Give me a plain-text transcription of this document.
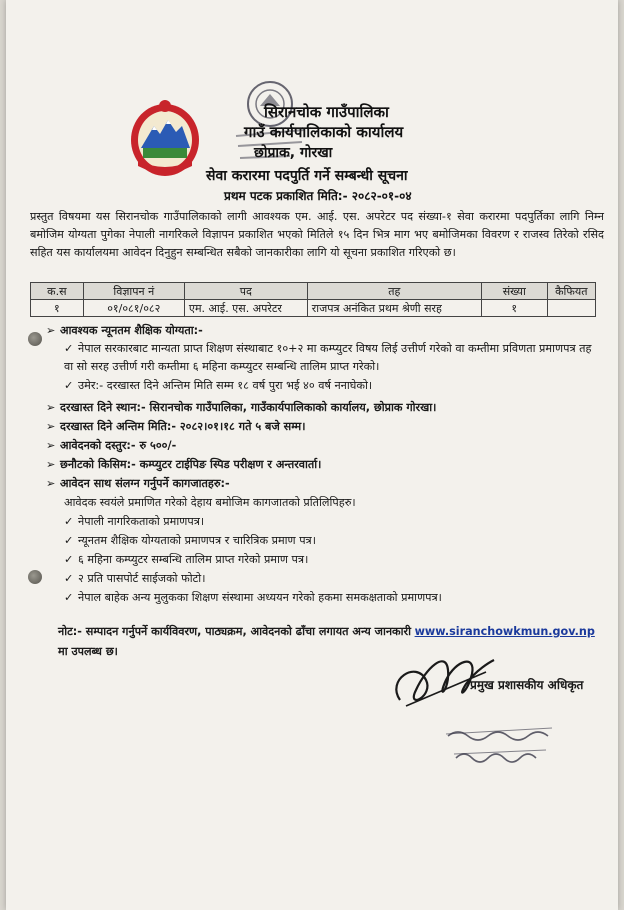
सिरानचोक गाउँपालिका
गाउँ कार्यपालिकाको कार्यालय
छोप्राक, गोरखा
सेवा करारमा पदपुर्ति गर्ने सम्बन्धी सूचना
प्रथम पटक प्रकाशित मिति:- २०८२-०१-०४
प्रस्तुत विषयमा यस सिरानचोक गाउँपालिकाको लागी आवश्यक एम. आई. एस. अपरेटर पद संख्या-१ सेवा करारमा पदपुर्तिका लागि निम्न बमोजिम योग्यता पुगेका नेपाली नागरिकले विज्ञापन प्रकाशित भएको मितिले १५ दिन भित्र माग भए बमोजिमका विवरण र राजस्व तिरेको रसिद सहित यस कार्यालयमा आवेदन दिनुहुन सम्बन्धित सबैको जानकारीका लागि यो सूचना प्रकाशित गरिएको छ।
क.स	विज्ञापन नं	पद	तह	संख्या	कैफियत
१	०१/०८१/०८२	एम. आई. एस. अपरेटर	राजपत्र अनंकित प्रथम श्रेणी सरह	१	
➢ आवश्यक न्यूनतम शैक्षिक योग्यता:-
✓ नेपाल सरकारबाट मान्यता प्राप्त शिक्षण संस्थाबाट १०+२ मा कम्प्युटर विषय लिई उत्तीर्ण गरेको वा कम्तीमा प्रविणता प्रमाणपत्र तह वा सो सरह उत्तीर्ण गरी कम्तीमा ६ महिना कम्प्युटर सम्बन्धि तालिम प्राप्त गरेको।
✓ उमेर:- दरखास्त दिने अन्तिम मिति सम्म १८ वर्ष पुरा भई ४० वर्ष ननाघेको।
➢ दरखास्त दिने स्थान:- सिरानचोक गाउँपालिका, गाउँकार्यपालिकाको कार्यालय, छोप्राक गोरखा।
➢ दरखास्त दिने अन्तिम मिति:- २०८२।०१।१८ गते ५ बजे सम्म।
➢ आवेदनको दस्तुर:- रु ५००/-
➢ छनौटको किसिम:- कम्प्युटर टाईपिङ स्पिड परीक्षण र अन्तरवार्ता।
➢ आवेदन साथ संलग्न गर्नुपर्ने कागजातहरु:-
आवेदक स्वयंले प्रमाणित गरेको देहाय बमोजिम कागजातको प्रतिलिपिहरु।
✓ नेपाली नागरिकताको प्रमाणपत्र।
✓ न्यूनतम शैक्षिक योग्यताको प्रमाणपत्र र चारित्रिक प्रमाण पत्र।
✓ ६ महिना कम्प्युटर सम्बन्धि तालिम प्राप्त गरेको प्रमाण पत्र।
✓ २ प्रति पासपोर्ट साईजको फोटो।
✓ नेपाल बाहेक अन्य मुलुकका शिक्षण संस्थामा अध्ययन गरेको हकमा समकक्षताको प्रमाणपत्र।
नोट:- सम्पादन गर्नुपर्ने कार्यविवरण, पाठ्यक्रम, आवेदनको ढाँचा लगायत अन्य जानकारी www.siranchowkmun.gov.np मा उपलब्ध छ।
प्रमुख प्रशासकीय अधिकृत
